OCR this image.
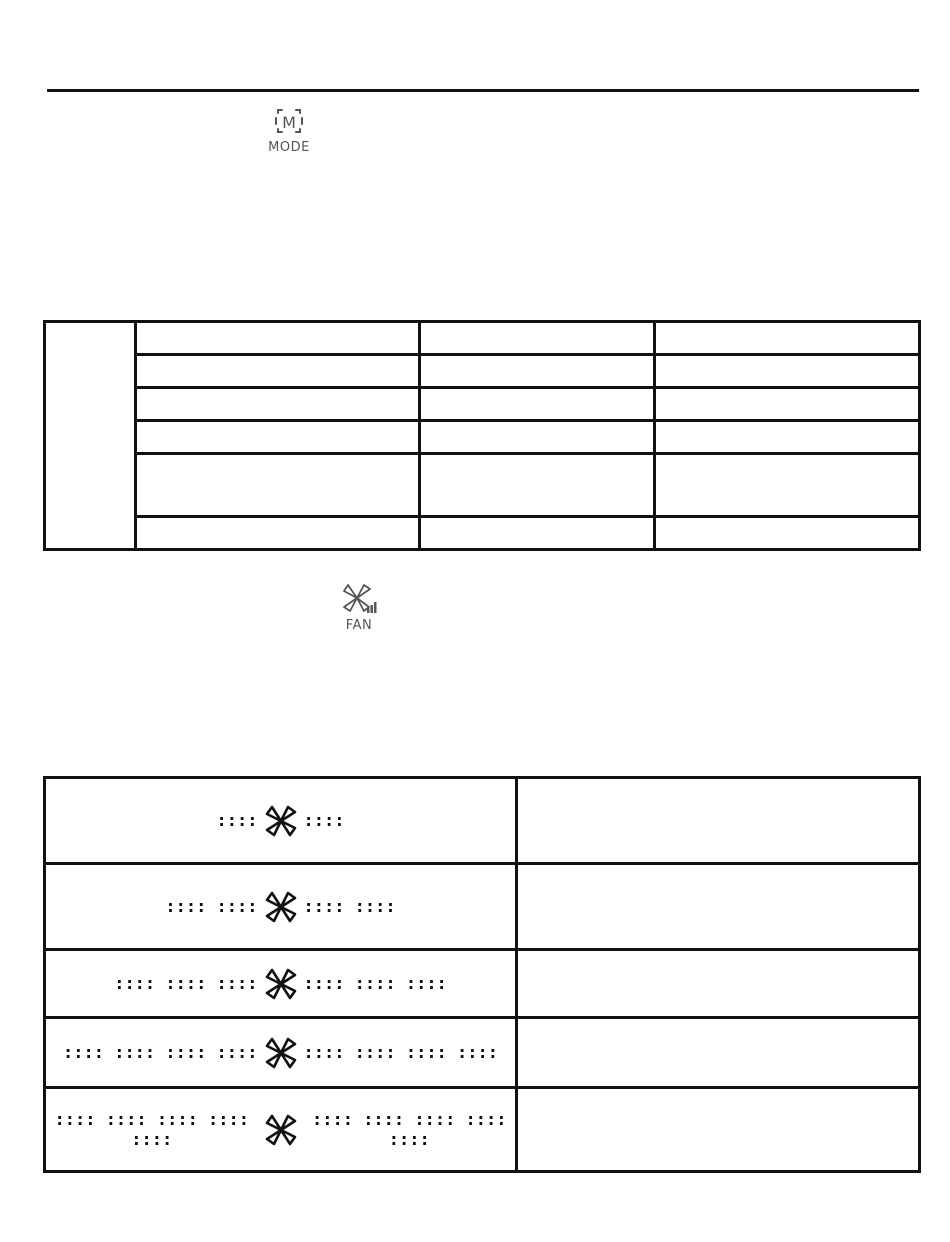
M
MODE

FAN
:::: ::::	

:::: :::: :::: ::::	

:::: :::: :::: :::: :::: ::::	

:::: :::: :::: :::: :::: :::: :::: ::::	

:::: :::: :::: :::: ::::
:::: :::: :::: :::: ::::	
